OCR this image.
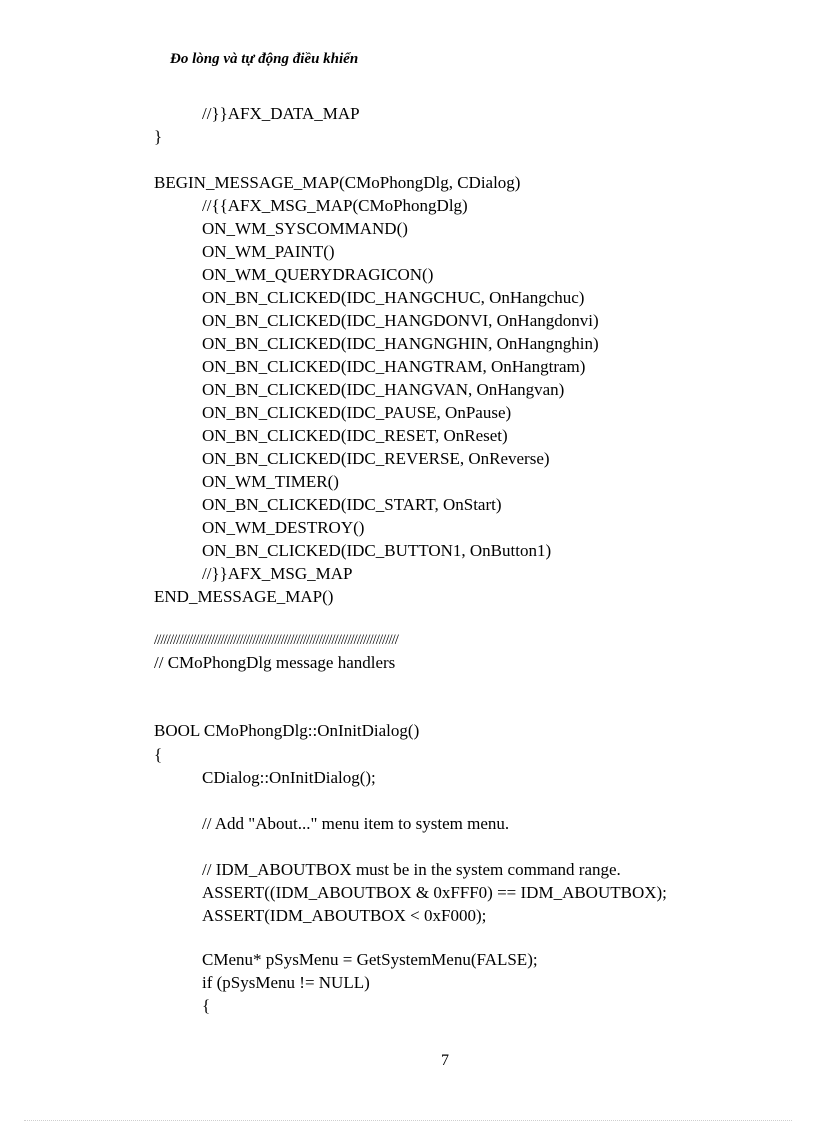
Đo lòng và tự động điều khiển
//}}AFX_DATA_MAP
}
BEGIN_MESSAGE_MAP(CMoPhongDlg, CDialog)
//{{AFX_MSG_MAP(CMoPhongDlg)
ON_WM_SYSCOMMAND()
ON_WM_PAINT()
ON_WM_QUERYDRAGICON()
ON_BN_CLICKED(IDC_HANGCHUC, OnHangchuc)
ON_BN_CLICKED(IDC_HANGDONVI, OnHangdonvi)
ON_BN_CLICKED(IDC_HANGNGHIN, OnHangnghin)
ON_BN_CLICKED(IDC_HANGTRAM, OnHangtram)
ON_BN_CLICKED(IDC_HANGVAN, OnHangvan)
ON_BN_CLICKED(IDC_PAUSE, OnPause)
ON_BN_CLICKED(IDC_RESET, OnReset)
ON_BN_CLICKED(IDC_REVERSE, OnReverse)
ON_WM_TIMER()
ON_BN_CLICKED(IDC_START, OnStart)
ON_WM_DESTROY()
ON_BN_CLICKED(IDC_BUTTON1, OnButton1)
//}}AFX_MSG_MAP
END_MESSAGE_MAP()
/////////////////////////////////////////////////////////////////////////////
// CMoPhongDlg message handlers
BOOL CMoPhongDlg::OnInitDialog()
{
CDialog::OnInitDialog();
// Add "About..." menu item to system menu.
// IDM_ABOUTBOX must be in the system command range.
ASSERT((IDM_ABOUTBOX & 0xFFF0) == IDM_ABOUTBOX);
ASSERT(IDM_ABOUTBOX < 0xF000);
CMenu* pSysMenu = GetSystemMenu(FALSE);
if (pSysMenu != NULL)
{
7
